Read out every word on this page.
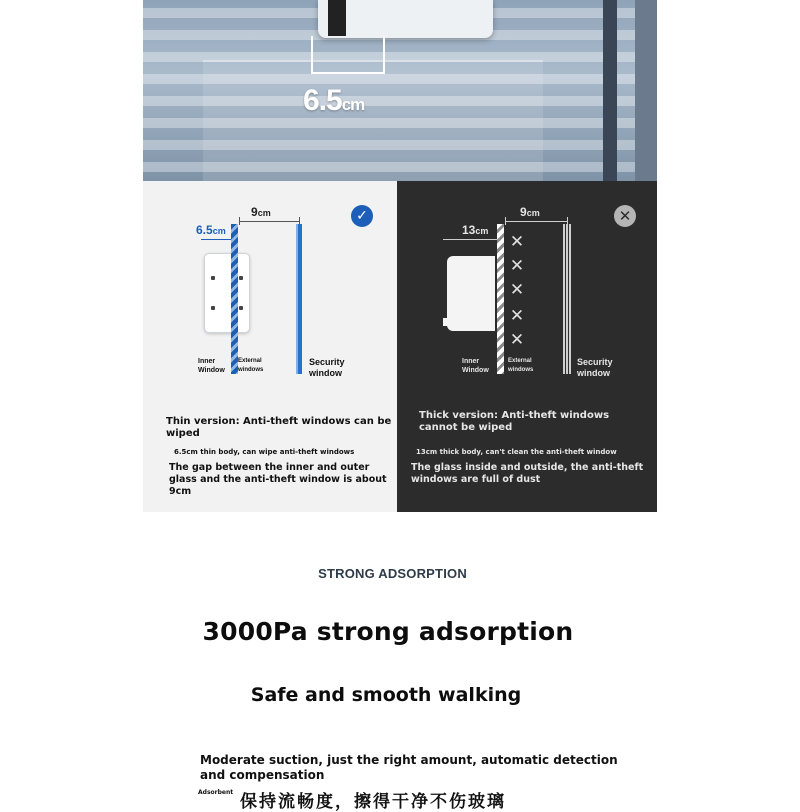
6.5cm
9cm
6.5cm
✓
Inner Window
External windows
Security window
Thin version: Anti-theft windows can be wiped
6.5cm thin body, can wipe anti-theft windows
The gap between the inner and outer glass and the anti-theft window is about 9cm
9cm
13cm
✕
✕
✕
✕
✕
✕
Inner Window
External windows
Security window
Thick version: Anti-theft windows cannot be wiped
13cm thick body, can't clean the anti-theft window
The glass inside and outside, the anti-theft windows are full of dust
STRONG ADSORPTION
3000Pa strong adsorption
Safe and smooth walking
Moderate suction, just the right amount, automatic detection and compensation
Adsorbent 保持流畅度，擦得干净不伤玻璃
